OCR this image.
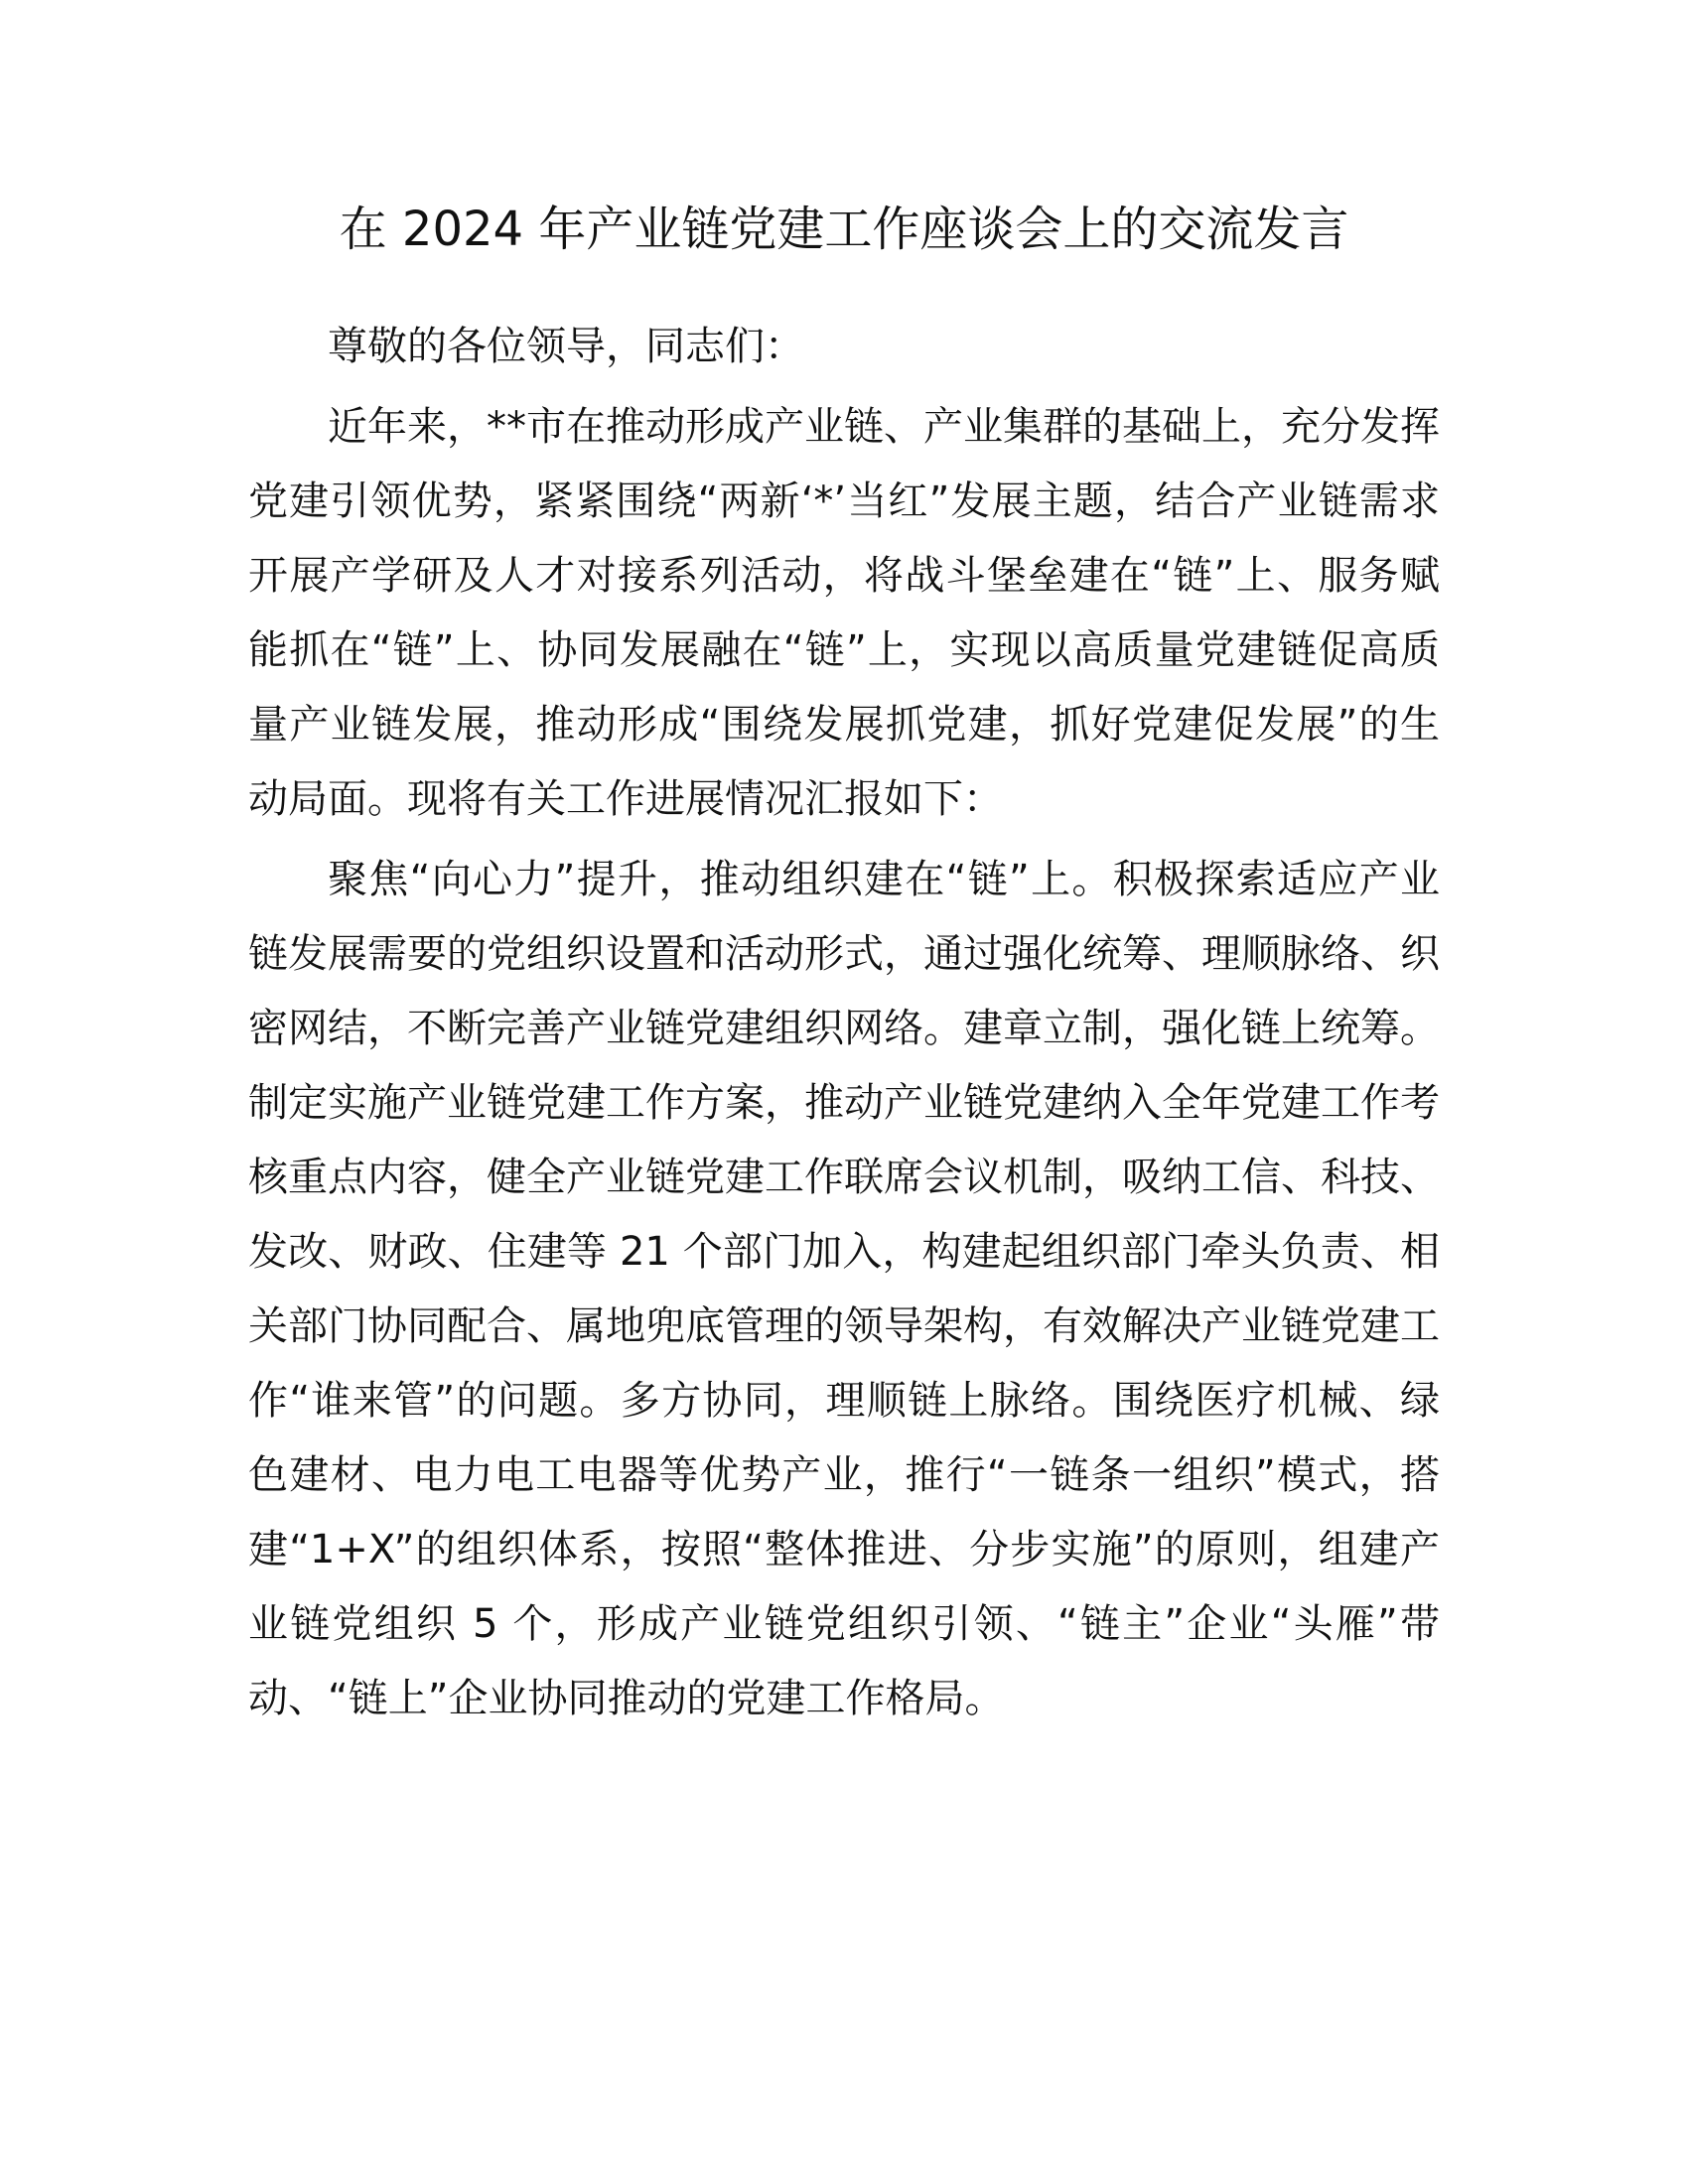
在 2024 年产业链党建工作座谈会上的交流发言

尊敬的各位领导，同志们：

近年来，**市在推动形成产业链、产业集群的基础上，充分发挥党建引领优势，紧紧围绕“两新‘*’当红”发展主题，结合产业链需求开展产学研及人才对接系列活动，将战斗堡垒建在“链”上、服务赋能抓在“链”上、协同发展融在“链”上，实现以高质量党建链促高质量产业链发展，推动形成“围绕发展抓党建，抓好党建促发展”的生动局面。现将有关工作进展情况汇报如下：

聚焦“向心力”提升，推动组织建在“链”上。积极探索适应产业链发展需要的党组织设置和活动形式，通过强化统筹、理顺脉络、织密网结，不断完善产业链党建组织网络。建章立制，强化链上统筹。制定实施产业链党建工作方案，推动产业链党建纳入全年党建工作考核重点内容，健全产业链党建工作联席会议机制，吸纳工信、科技、发改、财政、住建等 21 个部门加入，构建起组织部门牵头负责、相关部门协同配合、属地兜底管理的领导架构，有效解决产业链党建工作“谁来管”的问题。多方协同，理顺链上脉络。围绕医疗机械、绿色建材、电力电工电器等优势产业，推行“一链条一组织”模式，搭建“1+X”的组织体系，按照“整体推进、分步实施”的原则，组建产业链党组织 5 个，形成产业链党组织引领、“链主”企业“头雁”带动、“链上”企业协同推动的党建工作格局。
